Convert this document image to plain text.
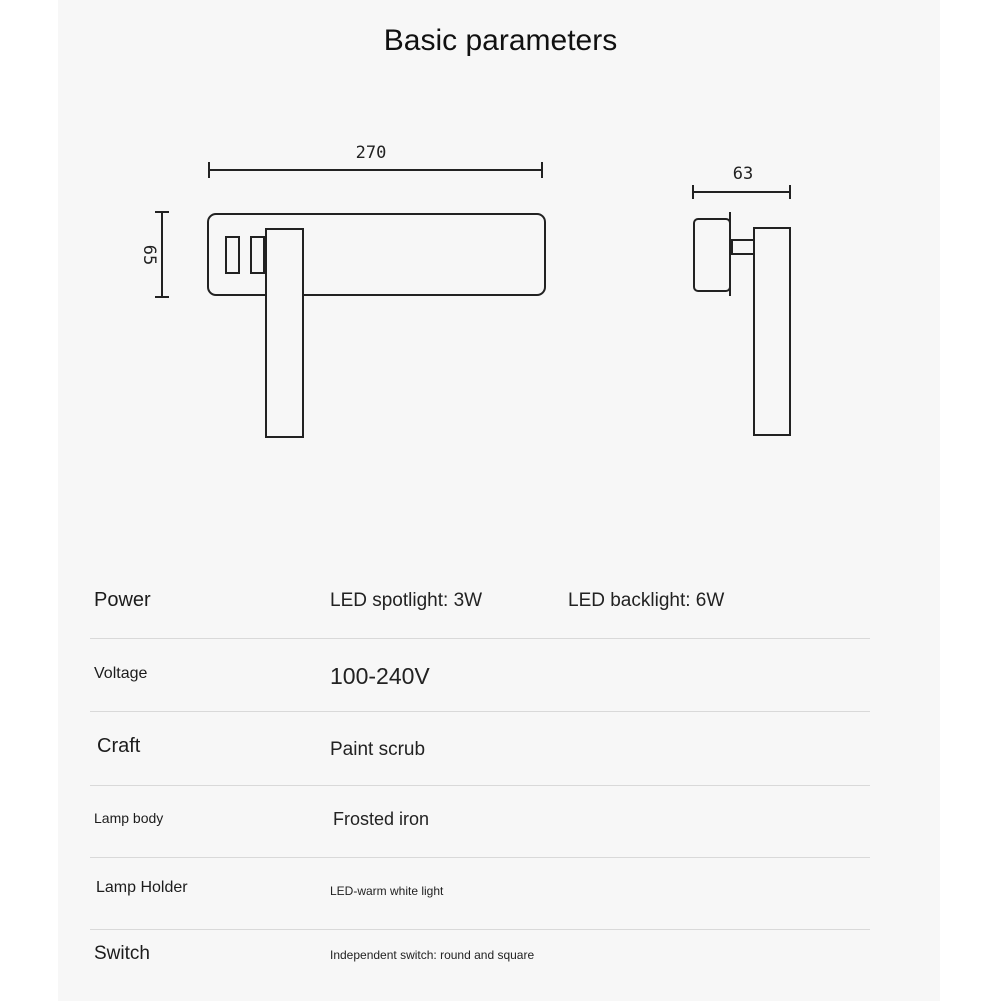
Basic parameters
270
63
65
Power	LED spotlight: 3W	LED backlight: 6W
Voltage	100-240V
Craft	Paint scrub
Lamp body	Frosted iron
Lamp Holder	LED-warm white light
Switch	Independent switch: round and square
